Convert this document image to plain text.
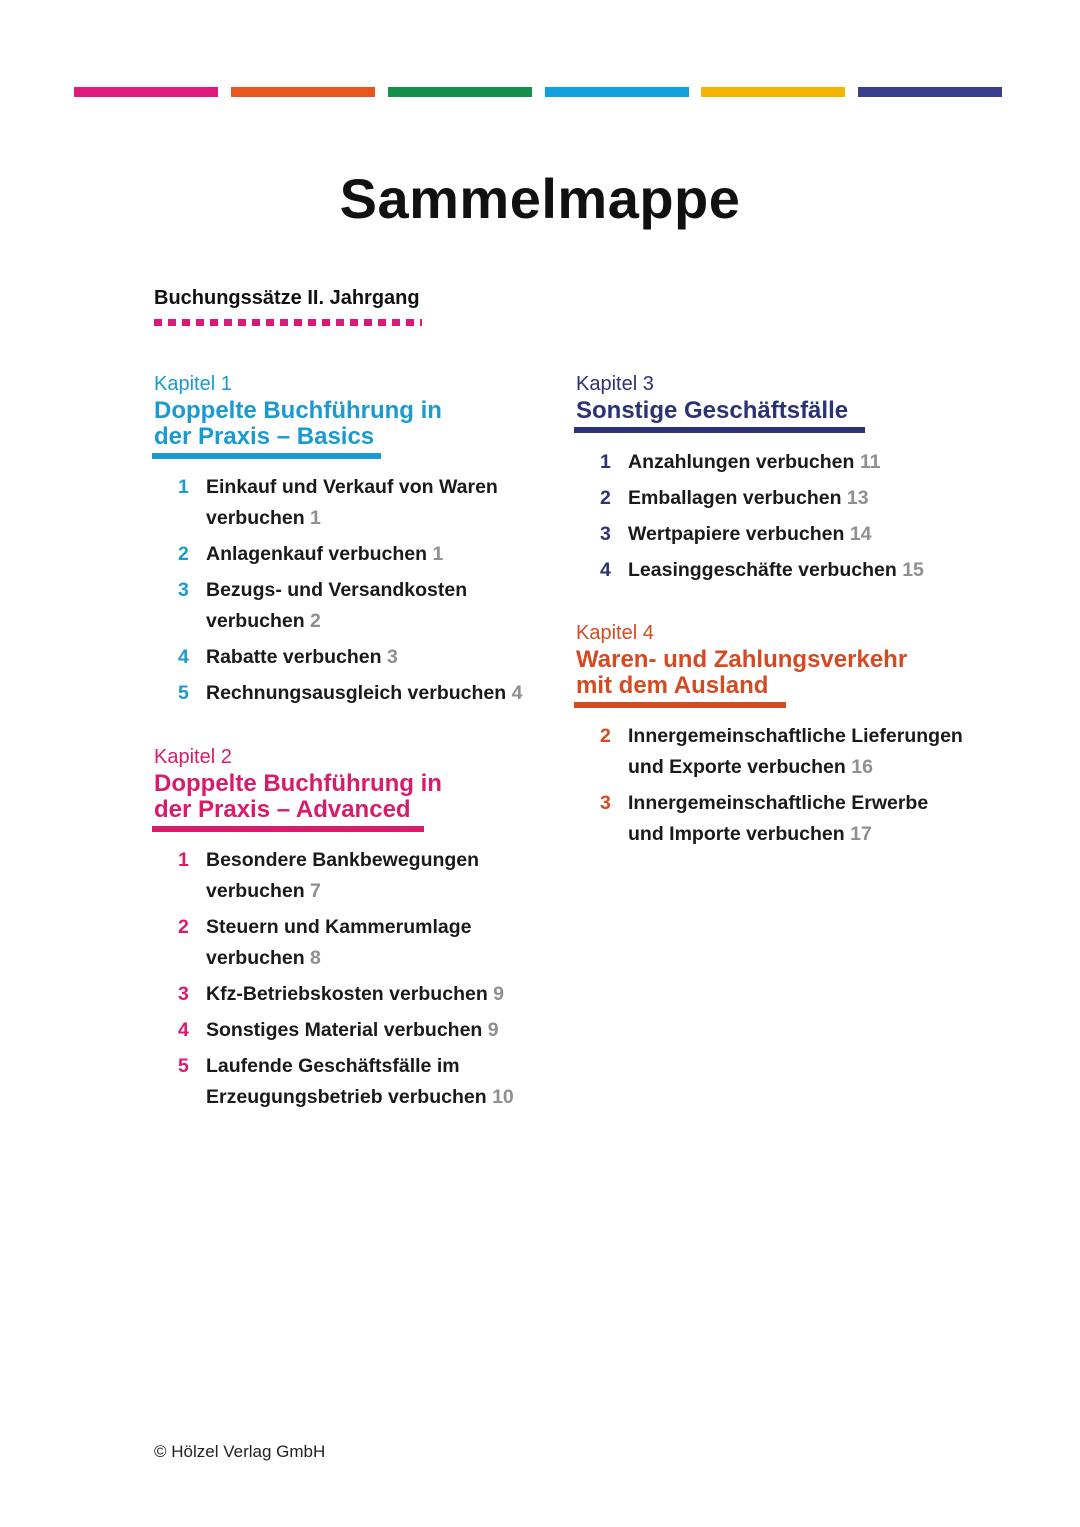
Sammelmappe
Buchungssätze II. Jahrgang
Kapitel 1
Doppelte Buchführung in
der Praxis – Basics
1 Einkauf und Verkauf von Waren
verbuchen 1
2 Anlagenkauf verbuchen 1
3 Bezugs- und Versandkosten
verbuchen 2
4 Rabatte verbuchen 3
5 Rechnungsausgleich verbuchen 4
Kapitel 2
Doppelte Buchführung in
der Praxis – Advanced
1 Besondere Bankbewegungen
verbuchen 7
2 Steuern und Kammerumlage
verbuchen 8
3 Kfz-Betriebskosten verbuchen 9
4 Sonstiges Material verbuchen 9
5 Laufende Geschäftsfälle im
Erzeugungsbetrieb verbuchen 10
Kapitel 3
Sonstige Geschäftsfälle
1 Anzahlungen verbuchen 11
2 Emballagen verbuchen 13
3 Wertpapiere verbuchen 14
4 Leasinggeschäfte verbuchen 15
Kapitel 4
Waren- und Zahlungsverkehr
mit dem Ausland
2 Innergemeinschaftliche Lieferungen
und Exporte verbuchen 16
3 Innergemeinschaftliche Erwerbe
und Importe verbuchen 17
© Hölzel Verlag GmbH
